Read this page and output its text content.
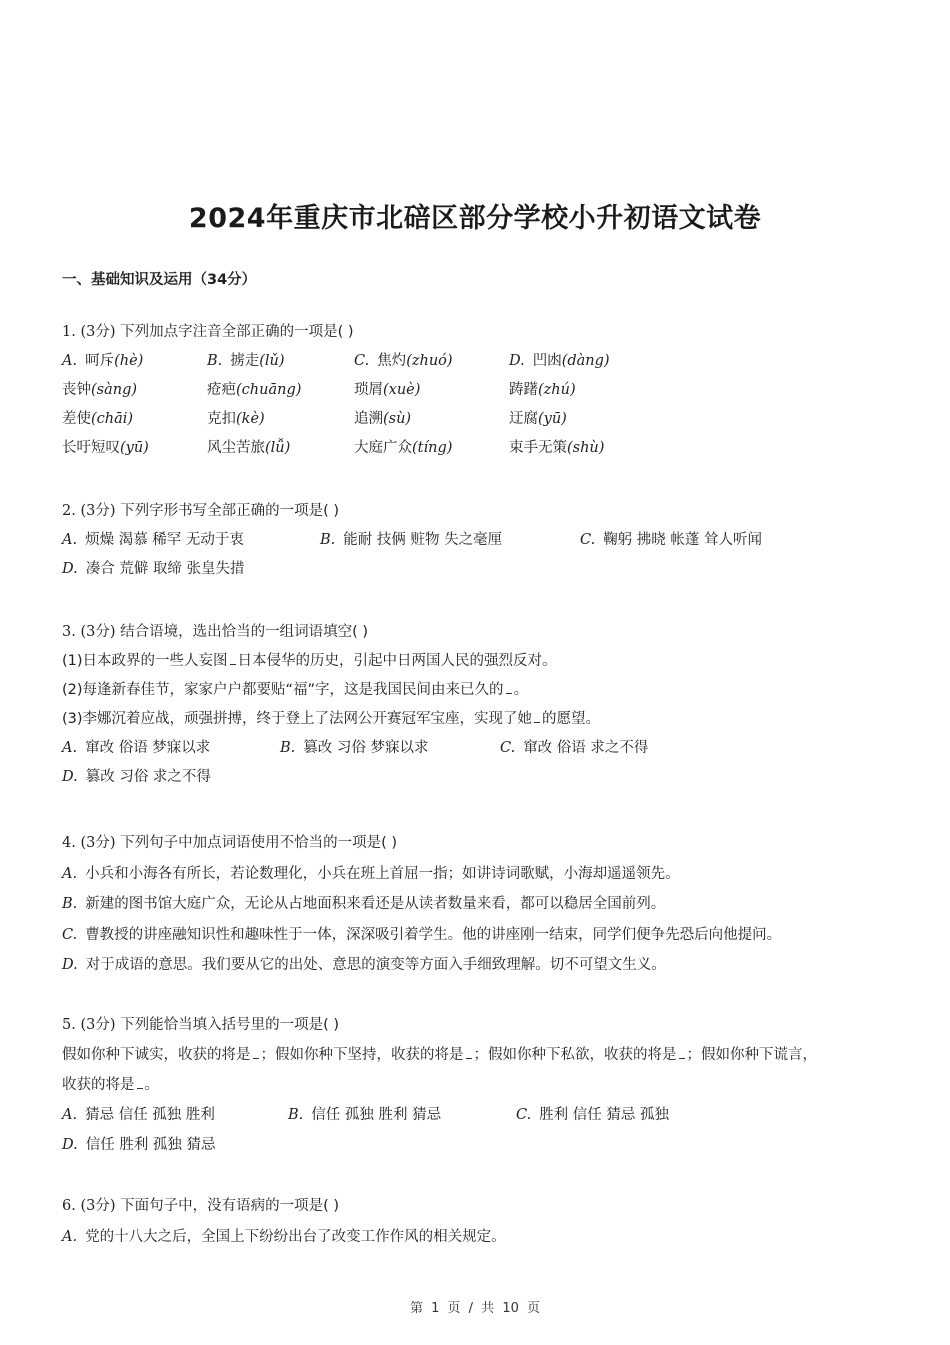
2024年重庆市北碚区部分学校小升初语文试卷
一、基础知识及运用（34分）
1. (3分) 下列加点字注音全部正确的一项是( )
A. 呵斥(hè)	B. 掳走(lǔ)	C. 焦灼(zhuó)	D. 凹凼(dàng)
丧钟(sàng)	疮疤(chuāng)	琐屑(xuè)	踌躇(zhú)
差使(chāi)	克扣(kè)	追溯(sù)	迂腐(yū)
长吁短叹(yū)	风尘苦旅(lǚ)	大庭广众(tíng)	束手无策(shù)
2. (3分) 下列字形书写全部正确的一项是( )
A. 烦燥 渴慕 稀罕 无动于衷	B. 能耐 技俩 赃物 失之毫厘	C. 鞠躬 拂晓 帐蓬 耸人听闻
D. 凑合 荒僻 取缔 张皇失措
3. (3分) 结合语境，选出恰当的一组词语填空( )
(1)日本政界的一些人妄图 日本侵华的历史，引起中日两国人民的强烈反对。
(2)每逢新春佳节，家家户户都要贴“福”字，这是我国民间由来已久的 。
(3)李娜沉着应战，顽强拼搏，终于登上了法网公开赛冠军宝座，实现了她 的愿望。
A. 窜改 俗语 梦寐以求	B. 篡改 习俗 梦寐以求	C. 窜改 俗语 求之不得
D. 篡改 习俗 求之不得
4. (3分) 下列句子中加点词语使用不恰当的一项是( )
A. 小兵和小海各有所长，若论数理化，小兵在班上首屈一指；如讲诗词歌赋，小海却遥遥领先。
B. 新建的图书馆大庭广众，无论从占地面积来看还是从读者数量来看，都可以稳居全国前列。
C. 曹教授的讲座融知识性和趣味性于一体，深深吸引着学生。他的讲座刚一结束，同学们便争先恐后向他提问。
D. 对于成语的意思。我们要从它的出处、意思的演变等方面入手细致理解。切不可望文生义。
5. (3分) 下列能恰当填入括号里的一项是( )
假如你种下诚实，收获的将是 ；假如你种下坚持，收获的将是 ；假如你种下私欲，收获的将是 ；假如你种下谎言，
收获的将是 。
A. 猜忌 信任 孤独 胜利	B. 信任 孤独 胜利 猜忌	C. 胜利 信任 猜忌 孤独
D. 信任 胜利 孤独 猜忌
6. (3分) 下面句子中，没有语病的一项是( )
A. 党的十八大之后，全国上下纷纷出台了改变工作作风的相关规定。
第 1 页 / 共 10 页
